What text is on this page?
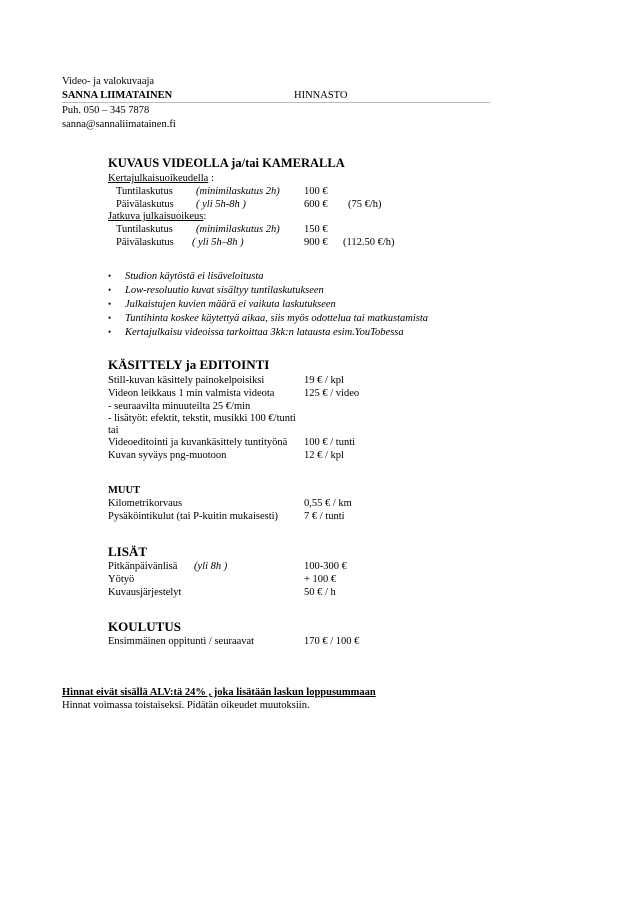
Video- ja valokuvaaja
SANNA LIIMATAINEN	HINNASTO
Puh. 050 – 345 7878
sanna@sannaliimatainen.fi
KUVAUS VIDEOLLA ja/tai KAMERALLA
Kertajulkaisuoikeudella :
Tuntilaskutus (minimilaskutus 2h) 100 €
Päivälaskutus ( yli 5h-8h )	600 € (75 €/h)
Jatkuva julkaisuoikeus:
Tuntilaskutus (minimilaskutus 2h) 150 €
Päivälaskutus ( yli 5h–8h )	900 € (112.50 €/h)
• Studion käytöstä ei lisäveloitusta
• Low-resoluutio kuvat sisältyy tuntilaskutukseen
• Julkaistujen kuvien määrä ei vaikuta laskutukseen
• Tuntihinta koskee käytettyä aikaa, siis myös odottelua tai matkustamista
• Kertajulkaisu videoissa tarkoittaa 3kk:n latausta esim.YouTobessa
KÄSITTELY ja EDITOINTI
Still-kuvan käsittely painokelpoisiksi	19 € / kpl
Videon leikkaus 1 min valmista videota	125 € / video
- seuraavilta minuuteilta 25 €/min
- lisätyöt: efektit, tekstit, musikki 100 €/tunti
tai
Videoeditointi ja kuvankäsittely tuntityönä 100 € / tunti
Kuvan syväys png-muotoon	12 € / kpl
MUUT
Kilometrikorvaus	0,55 € / km
Pysäköintikulut (tai P-kuitin mukaisesti) 7 € / tunti
LISÄT
Pitkänpäivänlisä (yli 8h )	100-300 €
Yötyö	+ 100 €
Kuvausjärjestelyt	50 € / h
KOULUTUS
Ensimmäinen oppitunti / seuraavat	170 € / 100 €
Hinnat eivät sisällä ALV:tä 24% , joka lisätään laskun loppusummaan
Hinnat voimassa toistaiseksi. Pidätän oikeudet muutoksiin.
